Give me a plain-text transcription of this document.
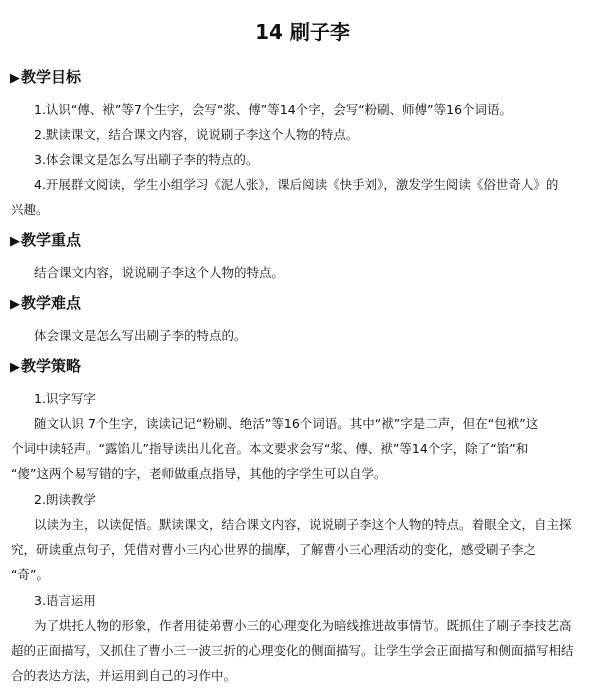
14 刷子李
▶教学目标
1.认识“傅、袱”等7个生字，会写“浆、傅”等14个字，会写“粉刷、师傅”等16个词语。
2.默读课文，结合课文内容，说说刷子李这个人物的特点。
3.体会课文是怎么写出刷子李的特点的。
4.开展群文阅读，学生小组学习《泥人张》，课后阅读《快手刘》，激发学生阅读《俗世奇人》的
兴趣。
▶教学重点
结合课文内容，说说刷子李这个人物的特点。
▶教学难点
体会课文是怎么写出刷子李的特点的。
▶教学策略
1.识字写字
随文认识 7个生字，读读记记“粉刷、绝活”等16个词语。其中“袱”字是二声，但在“包袱”这
个词中读轻声。“露馅儿”指导读出儿化音。本文要求会写“浆、傅、袱”等14个字，除了“馅”和
“傻”这两个易写错的字，老师做重点指导，其他的字学生可以自学。
2.朗读教学
以读为主，以读促悟。默读课文，结合课文内容，说说刷子李这个人物的特点。着眼全文，自主探
究，研读重点句子，凭借对曹小三内心世界的揣摩，了解曹小三心理活动的变化，感受刷子李之
“奇”。
3.语言运用
为了烘托人物的形象，作者用徒弟曹小三的心理变化为暗线推进故事情节。既抓住了刷子李技艺高
超的正面描写，又抓住了曹小三一波三折的心理变化的侧面描写。让学生学会正面描写和侧面描写相结
合的表达方法，并运用到自己的习作中。
